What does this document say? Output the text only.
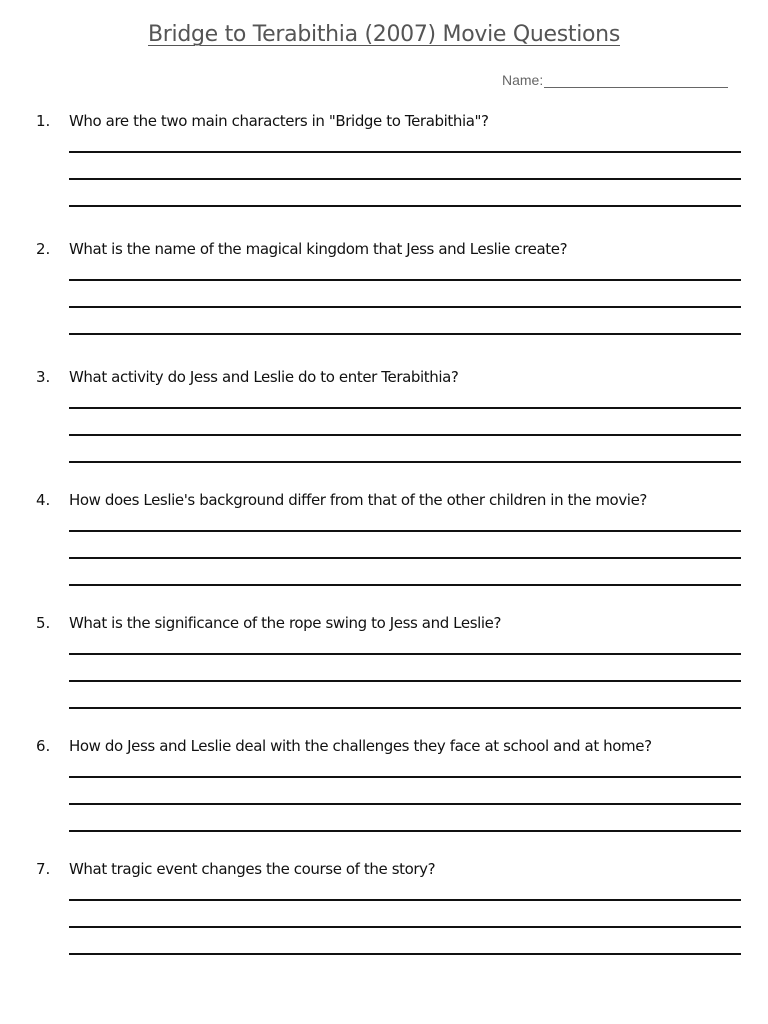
Bridge to Terabithia (2007) Movie Questions
Name:
1. Who are the two main characters in "Bridge to Terabithia"?
2. What is the name of the magical kingdom that Jess and Leslie create?
3. What activity do Jess and Leslie do to enter Terabithia?
4. How does Leslie's background differ from that of the other children in the movie?
5. What is the significance of the rope swing to Jess and Leslie?
6. How do Jess and Leslie deal with the challenges they face at school and at home?
7. What tragic event changes the course of the story?
